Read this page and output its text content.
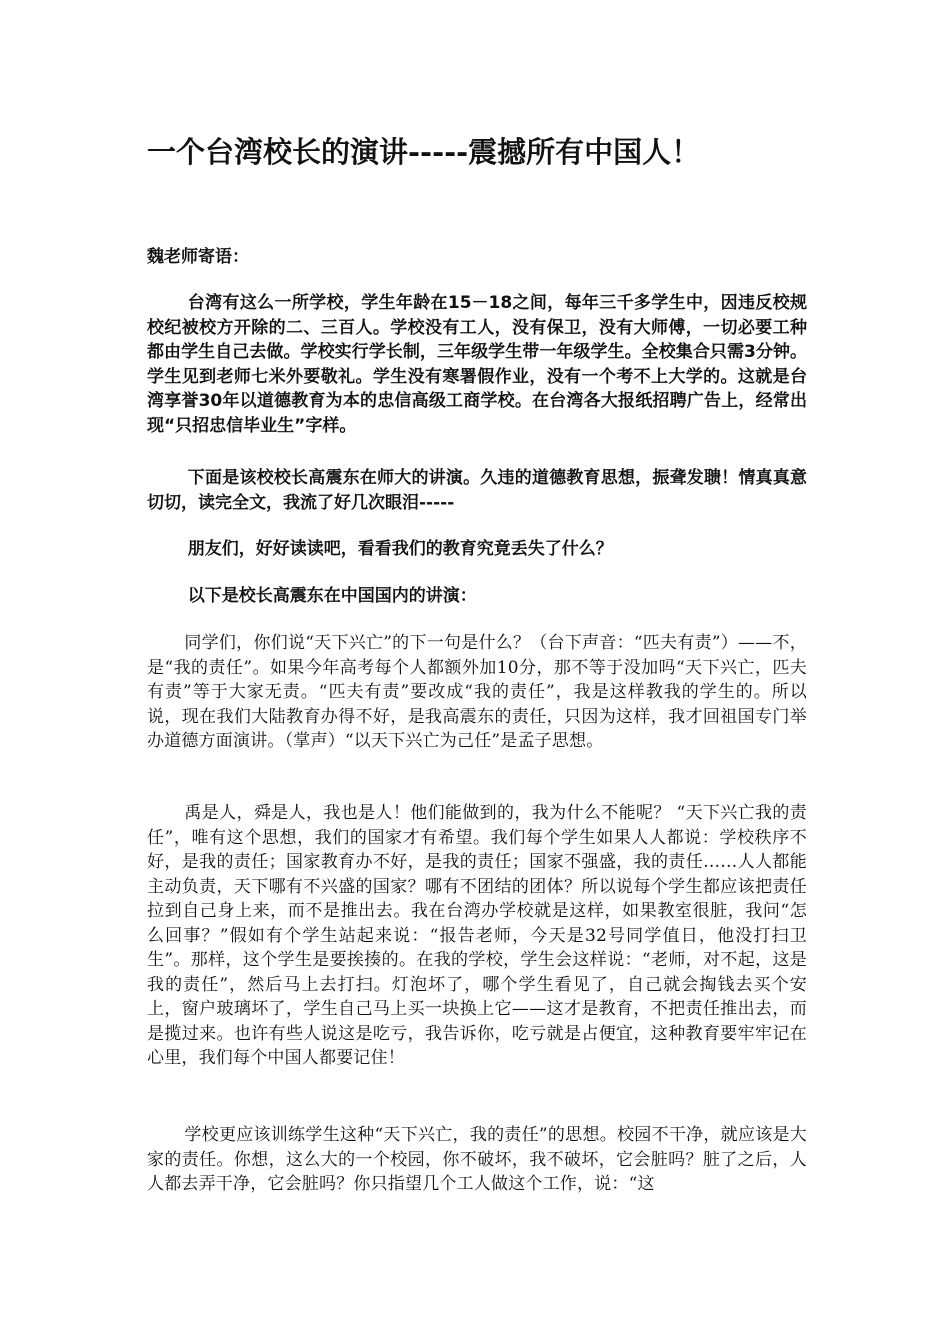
一个台湾校长的演讲-----震撼所有中国人！
魏老师寄语：

台湾有这么一所学校，学生年龄在15－18之间，每年三千多学生中，因违反校规校纪被校方开除的二、三百人。学校没有工人，没有保卫，没有大师傅，一切必要工种都由学生自己去做。学校实行学长制，三年级学生带一年级学生。全校集合只需3分钟。学生见到老师七米外要敬礼。学生没有寒署假作业，没有一个考不上大学的。这就是台湾享誉30年以道德教育为本的忠信高级工商学校。在台湾各大报纸招聘广告上，经常出现“只招忠信毕业生”字样。

下面是该校校长高震东在师大的讲演。久违的道德教育思想，振聋发聩！情真真意切切，读完全文，我流了好几次眼泪-----

朋友们，好好读读吧，看看我们的教育究竟丢失了什么？

以下是校长高震东在中国国内的讲演：

同学们，你们说“天下兴亡”的下一句是什么？（台下声音：“匹夫有责”）——不，是“我的责任”。如果今年高考每个人都额外加10分，那不等于没加吗“天下兴亡，匹夫有责”等于大家无责。“匹夫有责”要改成“我的责任”，我是这样教我的学生的。所以说，现在我们大陆教育办得不好，是我高震东的责任，只因为这样，我才回祖国专门举办道德方面演讲。（掌声）“以天下兴亡为己任”是孟子思想。

禹是人，舜是人，我也是人！他们能做到的，我为什么不能呢？ “天下兴亡我的责任”，唯有这个思想，我们的国家才有希望。我们每个学生如果人人都说：学校秩序不好，是我的责任；国家教育办不好，是我的责任；国家不强盛，我的责任……人人都能主动负责，天下哪有不兴盛的国家？哪有不团结的团体？所以说每个学生都应该把责任拉到自己身上来，而不是推出去。我在台湾办学校就是这样，如果教室很脏，我问“怎么回事？”假如有个学生站起来说：“报告老师，今天是32号同学值日，他没打扫卫生”。那样，这个学生是要挨揍的。在我的学校，学生会这样说：“老师，对不起，这是我的责任”，然后马上去打扫。灯泡坏了，哪个学生看见了，自己就会掏钱去买个安上，窗户玻璃坏了，学生自己马上买一块换上它——这才是教育，不把责任推出去，而是揽过来。也许有些人说这是吃亏，我告诉你，吃亏就是占便宜，这种教育要牢牢记在心里，我们每个中国人都要记住！

学校更应该训练学生这种“天下兴亡，我的责任”的思想。校园不干净，就应该是大家的责任。你想，这么大的一个校园，你不破坏，我不破坏，它会脏吗？脏了之后，人人都去弄干净，它会脏吗？你只指望几个工人做这个工作，说：“这
